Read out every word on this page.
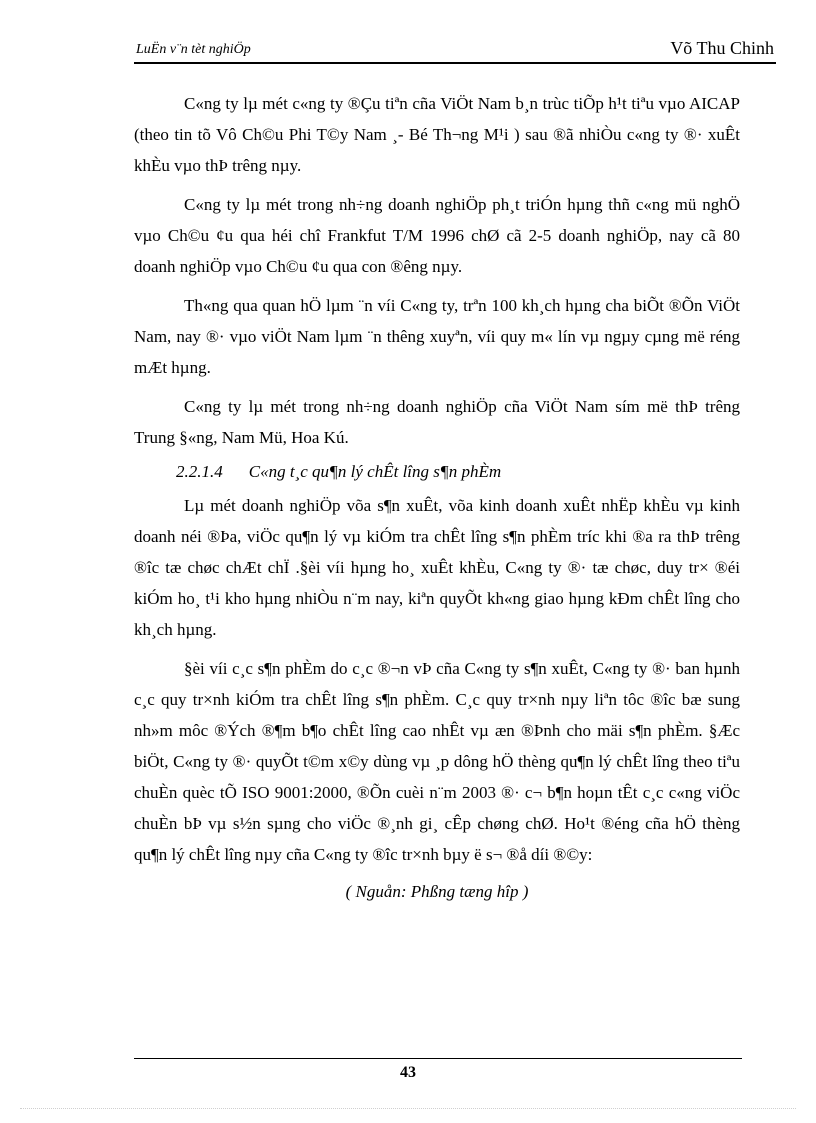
LuËn v¨n tèt nghiÖp	Võ Thu Chinh

C«ng ty lµ mét c«ng ty ®Çu tiªn cña ViÖt Nam b¸n trùc tiÕp h¹t tiªu vµo AICAP (theo tin tõ Vô Ch©u Phi T©y Nam ¸- Bé Th¬ng M¹i ) sau ®ã nhiÒu c«ng ty ®· xuÊt khÈu vµo thÞ trêng nµy.

C«ng ty lµ mét trong nh÷ng doanh nghiÖp ph¸t triÓn hµng thñ c«ng mü nghÖ vµo Ch©u ¢u qua héi chî Frankfut T/M 1996 chØ cã 2-5 doanh nghiÖp, nay cã 80 doanh nghiÖp vµo Ch©u ¢u qua con ®êng nµy.

Th«ng qua quan hÖ lµm ¨n víi C«ng ty, trªn 100 kh¸ch hµng cha biÕt ®Õn ViÖt Nam, nay ®· vµo viÖt Nam lµm ¨n thêng xuyªn, víi quy m« lín vµ ngµy cµng më réng mÆt hµng.

C«ng ty lµ mét trong nh÷ng doanh nghiÖp cña ViÖt Nam sím më thÞ trêng Trung §«ng, Nam Mü, Hoa Kú.

2.2.1.4 C«ng t¸c qu¶n lý chÊt lîng s¶n phÈm

Lµ mét doanh nghiÖp võa s¶n xuÊt, võa kinh doanh xuÊt nhËp khÈu vµ kinh doanh néi ®Þa, viÖc qu¶n lý vµ kiÓm tra chÊt lîng s¶n phÈm tríc khi ®a ra thÞ trêng ®îc tæ chøc chÆt chÏ .§èi víi hµng ho¸ xuÊt khÈu, C«ng ty ®· tæ chøc, duy tr× ®éi kiÓm ho¸ t¹i kho hµng nhiÒu n¨m nay, kiªn quyÕt kh«ng giao hµng kÐm chÊt lîng cho kh¸ch hµng.

§èi víi c¸c s¶n phÈm do c¸c ®¬n vÞ cña C«ng ty s¶n xuÊt, C«ng ty ®· ban hµnh c¸c quy tr×nh kiÓm tra chÊt lîng s¶n phÈm. C¸c quy tr×nh nµy liªn tôc ®îc bæ sung nh»m môc ®Ých ®¶m b¶o chÊt lîng cao nhÊt vµ æn ®Þnh cho mäi s¶n phÈm. §Æc biÖt, C«ng ty ®· quyÕt t©m x©y dùng vµ ¸p dông hÖ thèng qu¶n lý chÊt lîng theo tiªu chuÈn quèc tÕ ISO 9001:2000, ®Õn cuèi n¨m 2003 ®· c¬ b¶n hoµn tÊt c¸c c«ng viÖc chuÈn bÞ vµ s½n sµng cho viÖc ®¸nh gi¸ cÊp chøng chØ. Ho¹t ®éng cña hÖ thèng qu¶n lý chÊt lîng nµy cña C«ng ty ®îc tr×nh bµy ë s¬ ®å díi ®©y:

( Nguån: Phßng tæng hîp )

43
